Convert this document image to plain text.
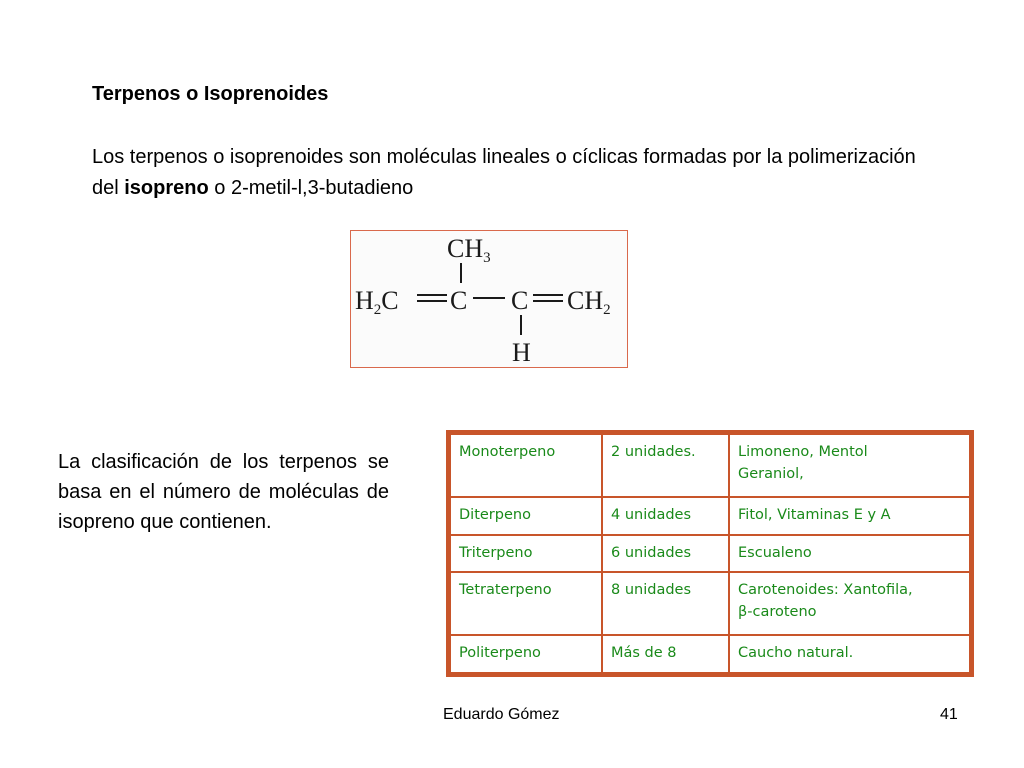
Terpenos o Isoprenoides
Los terpenos o isoprenoides son moléculas lineales o cíclicas formadas por la polimerización del isopreno o 2-metil-l,3-butadieno
CH3
H2C C C CH2
H
La clasificación de los terpenos se basa en el número de moléculas de isopreno que contienen.
Monoterpeno	2 unidades.	Limoneno, Mentol
Geraniol,

Diterpeno	4 unidades	Fitol, Vitaminas E y A

Triterpeno	6 unidades	Escualeno

Tetraterpeno	8 unidades	Carotenoides: Xantofila,
β-caroteno

Politerpeno	Más de 8	Caucho natural.
Eduardo Gómez	41
